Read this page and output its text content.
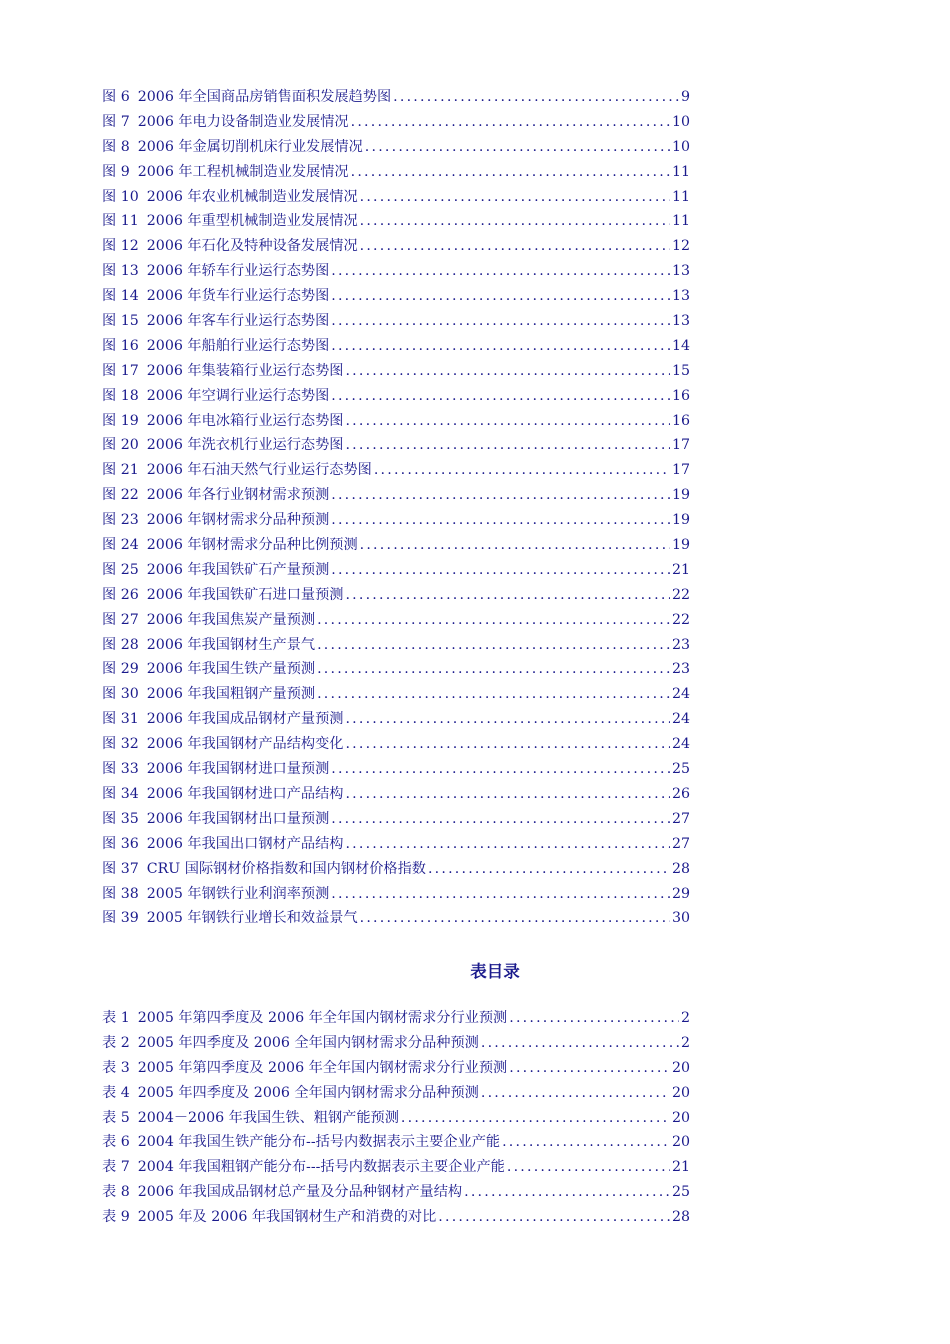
图 6 2006 年全国商品房销售面积发展趋势图 .....	9
图 7 2006 年电力设备制造业发展情况 .....	10
图 8 2006 年金属切削机床行业发展情况 .....	10
图 9 2006 年工程机械制造业发展情况 .....	11
图 10 2006 年农业机械制造业发展情况 .....	11
图 11 2006 年重型机械制造业发展情况 .....	11
图 12 2006 年石化及特种设备发展情况 .....	12
图 13 2006 年轿车行业运行态势图 .....	13
图 14 2006 年货车行业运行态势图 .....	13
图 15 2006 年客车行业运行态势图 .....	13
图 16 2006 年船舶行业运行态势图 .....	14
图 17 2006 年集装箱行业运行态势图 .....	15
图 18 2006 年空调行业运行态势图 .....	16
图 19 2006 年电冰箱行业运行态势图 .....	16
图 20 2006 年洗衣机行业运行态势图 .....	17
图 21 2006 年石油天然气行业运行态势图 .....	17
图 22 2006 年各行业钢材需求预测 .....	19
图 23 2006 年钢材需求分品种预测 .....	19
图 24 2006 年钢材需求分品种比例预测 .....	19
图 25 2006 年我国铁矿石产量预测 .....	21
图 26 2006 年我国铁矿石进口量预测 .....	22
图 27 2006 年我国焦炭产量预测 .....	22
图 28 2006 年我国钢材生产景气 .....	23
图 29 2006 年我国生铁产量预测 .....	23
图 30 2006 年我国粗钢产量预测 .....	24
图 31 2006 年我国成品钢材产量预测 .....	24
图 32 2006 年我国钢材产品结构变化 .....	24
图 33 2006 年我国钢材进口量预测 .....	25
图 34 2006 年我国钢材进口产品结构 .....	26
图 35 2006 年我国钢材出口量预测 .....	27
图 36 2006 年我国出口钢材产品结构 .....	27
图 37 CRU 国际钢材价格指数和国内钢材价格指数 .....	28
图 38 2005 年钢铁行业利润率预测 .....	29
图 39 2005 年钢铁行业增长和效益景气 .....	30
表目录
表 1 2005 年第四季度及 2006 年全年国内钢材需求分行业预测 .....	2
表 2 2005 年四季度及 2006 全年国内钢材需求分品种预测 .....	2
表 3 2005 年第四季度及 2006 年全年国内钢材需求分行业预测 .....	20
表 4 2005 年四季度及 2006 全年国内钢材需求分品种预测 .....	20
表 5 2004－2006 年我国生铁、粗钢产能预测 .....	20
表 6 2004 年我国生铁产能分布--括号内数据表示主要企业产能 .....	20
表 7 2004 年我国粗钢产能分布---括号内数据表示主要企业产能 .....	21
表 8 2006 年我国成品钢材总产量及分品种钢材产量结构 .....	25
表 9 2005 年及 2006 年我国钢材生产和消费的对比 .....	28
